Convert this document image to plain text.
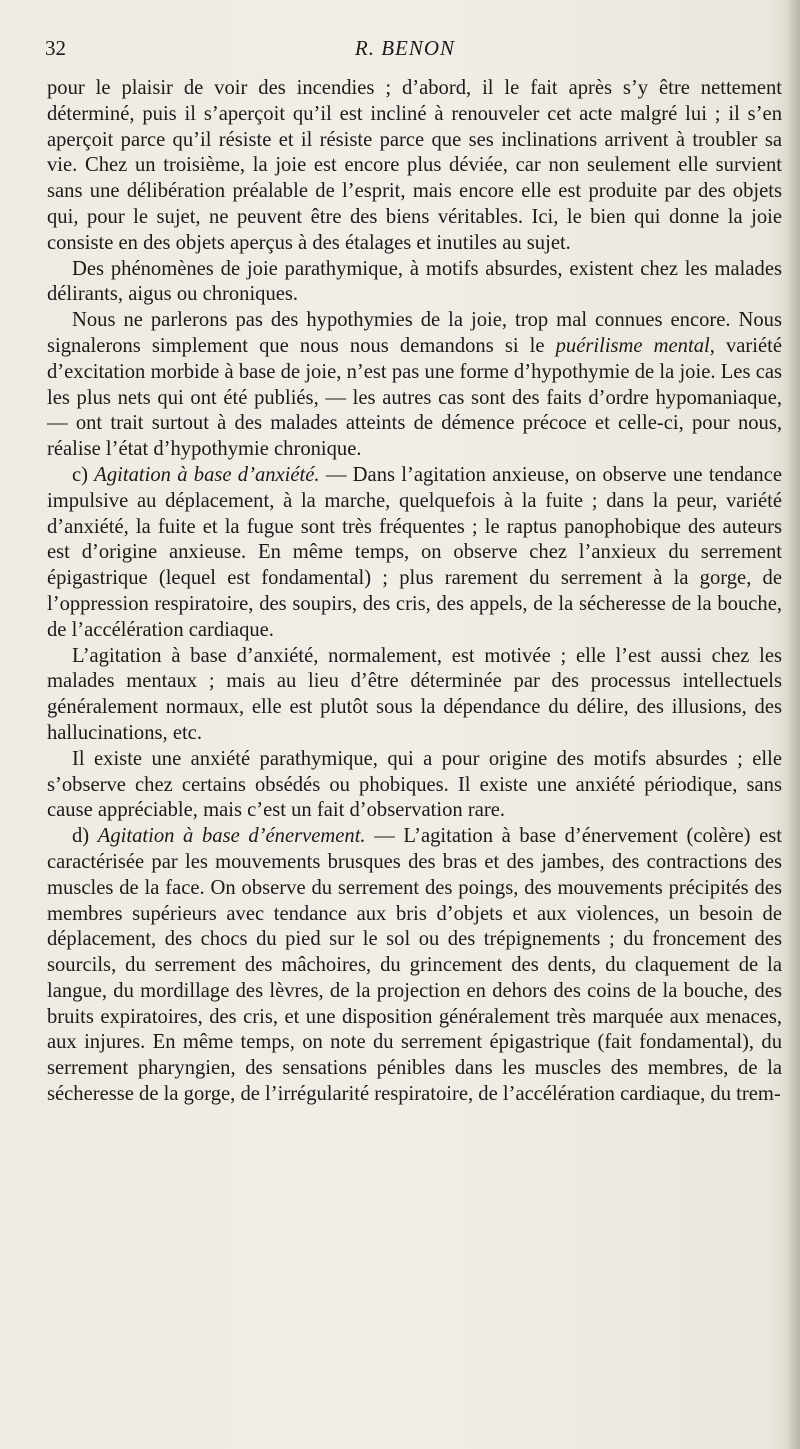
32	R. BENON

pour le plaisir de voir des incendies ; d’abord, il le fait après s’y être nettement déterminé, puis il s’aperçoit qu’il est incliné à renouveler cet acte malgré lui ; il s’en aperçoit parce qu’il résiste et il résiste parce que ses inclinations arrivent à troubler sa vie. Chez un troisième, la joie est encore plus déviée, car non seulement elle survient sans une délibération préalable de l’esprit, mais encore elle est produite par des objets qui, pour le sujet, ne peuvent être des biens véritables. Ici, le bien qui donne la joie consiste en des objets aperçus à des étalages et inutiles au sujet.

Des phénomènes de joie parathymique, à motifs absurdes, existent chez les malades délirants, aigus ou chroniques.

Nous ne parlerons pas des hypothymies de la joie, trop mal connues encore. Nous signalerons simplement que nous nous demandons si le puérilisme mental, variété d’excitation morbide à base de joie, n’est pas une forme d’hypothymie de la joie. Les cas les plus nets qui ont été publiés, — les autres cas sont des faits d’ordre hypomaniaque, — ont trait surtout à des malades atteints de démence précoce et celle-ci, pour nous, réalise l’état d’hypothymie chronique.

c) Agitation à base d’anxiété. — Dans l’agitation anxieuse, on observe une tendance impulsive au déplacement, à la marche, quelquefois à la fuite ; dans la peur, variété d’anxiété, la fuite et la fugue sont très fréquentes ; le raptus panophobique des auteurs est d’origine anxieuse. En même temps, on observe chez l’anxieux du serrement épigastrique (lequel est fondamental) ; plus rarement du serrement à la gorge, de l’oppression respiratoire, des soupirs, des cris, des appels, de la sécheresse de la bouche, de l’accélération cardiaque.

L’agitation à base d’anxiété, normalement, est motivée ; elle l’est aussi chez les malades mentaux ; mais au lieu d’être déterminée par des processus intellectuels généralement normaux, elle est plutôt sous la dépendance du délire, des illusions, des hallucinations, etc.

Il existe une anxiété parathymique, qui a pour origine des motifs absurdes ; elle s’observe chez certains obsédés ou phobiques. Il existe une anxiété périodique, sans cause appréciable, mais c’est un fait d’observation rare.

d) Agitation à base d’énervement. — L’agitation à base d’énervement (colère) est caractérisée par les mouvements brusques des bras et des jambes, des contractions des muscles de la face. On observe du serrement des poings, des mouvements précipités des membres supérieurs avec tendance aux bris d’objets et aux violences, un besoin de déplacement, des chocs du pied sur le sol ou des trépignements ; du froncement des sourcils, du serrement des mâchoires, du grincement des dents, du claquement de la langue, du mordillage des lèvres, de la projection en dehors des coins de la bouche, des bruits expiratoires, des cris, et une disposition généralement très marquée aux menaces, aux injures. En même temps, on note du serrement épigastrique (fait fondamental), du serrement pharyngien, des sensations pénibles dans les muscles des membres, de la sécheresse de la gorge, de l’irrégularité respiratoire, de l’accélération cardiaque, du trem-
